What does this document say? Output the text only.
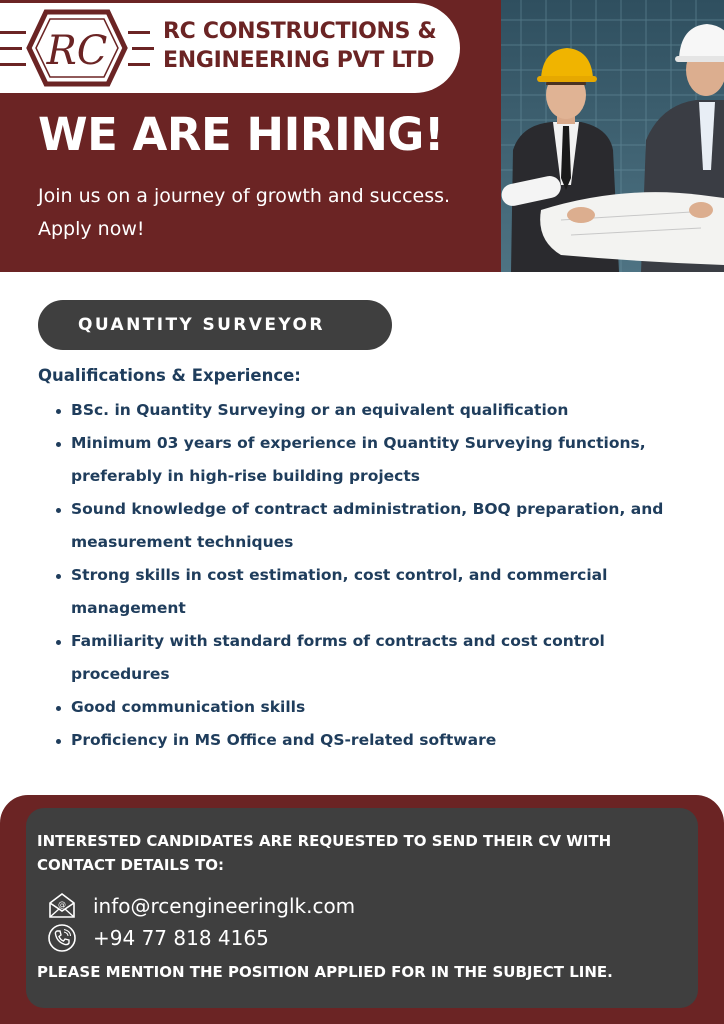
RC	RC CONSTRUCTIONS &
ENGINEERING PVT LTD
WE ARE HIRING!
Join us on a journey of growth and success. Apply now!
QUANTITY SURVEYOR
Qualifications & Experience:
BSc. in Quantity Surveying or an equivalent qualification
Minimum 03 years of experience in Quantity Surveying functions, preferably in high-rise building projects
Sound knowledge of contract administration, BOQ preparation, and measurement techniques
Strong skills in cost estimation, cost control, and commercial management
Familiarity with standard forms of contracts and cost control procedures
Good communication skills
Proficiency in MS Office and QS-related software
INTERESTED CANDIDATES ARE REQUESTED TO SEND THEIR CV WITH CONTACT DETAILS TO:
@ info@rcengineeringlk.com
+94 77 818 4165
PLEASE MENTION THE POSITION APPLIED FOR IN THE SUBJECT LINE.
